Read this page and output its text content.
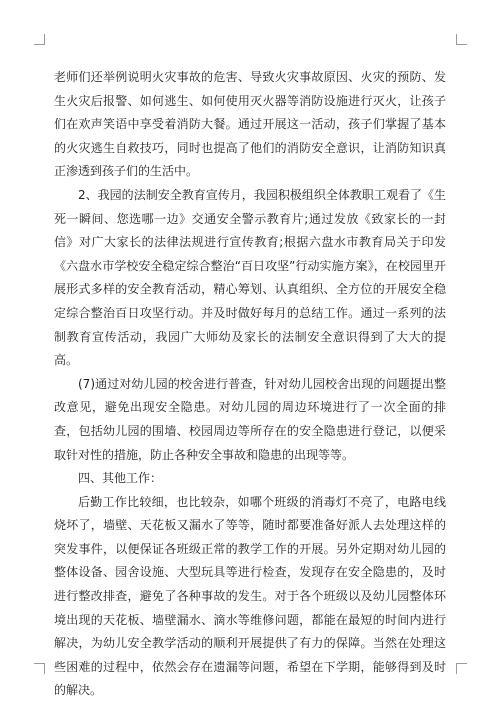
老师们还举例说明火灾事故的危害、导致火灾事故原因、火灾的预防、发生火灾后报警、如何逃生、如何使用灭火器等消防设施进行灭火，让孩子们在欢声笑语中享受着消防大餐。通过开展这一活动，孩子们掌握了基本的火灾逃生自救技巧，同时也提高了他们的消防安全意识，让消防知识真正渗透到孩子们的生活中。

2、我园的法制安全教育宣传月，我园积极组织全体教职工观看了《生死一瞬间、您选哪一边》交通安全警示教育片;通过发放《致家长的一封信》对广大家长的法律法规进行宣传教育;根据六盘水市教育局关于印发《六盘水市学校安全稳定综合整治“百日攻坚”行动实施方案》，在校园里开展形式多样的安全教育活动，精心筹划、认真组织、全方位的开展安全稳定综合整治百日攻坚行动。并及时做好每月的总结工作。通过一系列的法制教育宣传活动，我园广大师幼及家长的法制安全意识得到了大大的提高。

(7)通过对幼儿园的校舍进行普查，针对幼儿园校舍出现的问题提出整改意见，避免出现安全隐患。对幼儿园的周边环境进行了一次全面的排查，包括幼儿园的围墙、校园周边等所存在的安全隐患进行登记，以便采取针对性的措施，防止各种安全事故和隐患的出现等等。

四、其他工作：

后勤工作比较细，也比较杂，如哪个班级的消毒灯不亮了，电路电线烧坏了，墙壁、天花板又漏水了等等，随时都要准备好派人去处理这样的突发事件，以便保证各班级正常的教学工作的开展。另外定期对幼儿园的整体设备、园舍设施、大型玩具等进行检查，发现存在安全隐患的，及时进行整改排查，避免了各种事故的发生。对于各个班级以及幼儿园整体环境出现的天花板、墙壁漏水、滴水等维修问题，都能在最短的时间内进行解决，为幼儿安全教学活动的顺利开展提供了有力的保障。当然在处理这些困难的过程中，依然会存在遗漏等问题，希望在下学期，能够得到及时的解决。
